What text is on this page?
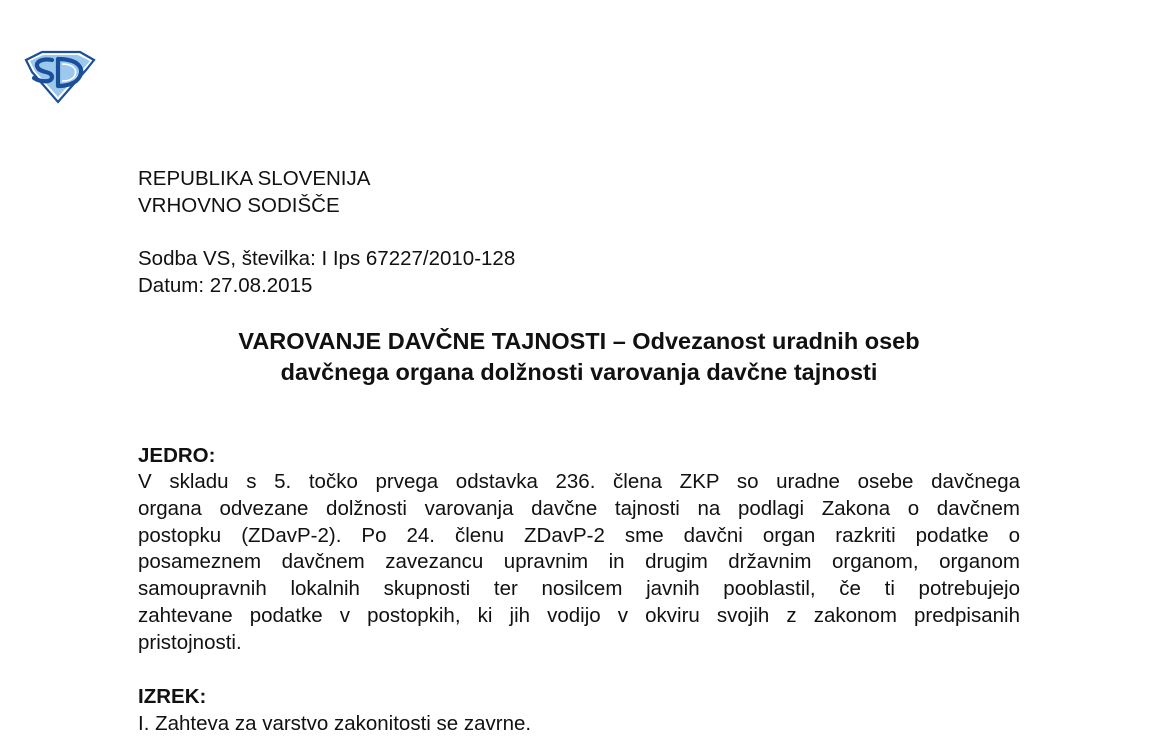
REPUBLIKA SLOVENIJA

VRHOVNO SODIŠČE

Sodba VS, številka: I Ips 67227/2010-128

Datum: 27.08.2015

VAROVANJE DAVČNE TAJNOSTI – Odvezanost uradnih oseb
davčnega organa dolžnosti varovanja davčne tajnosti
JEDRO:
V skladu s 5. točko prvega odstavka 236. člena ZKP so uradne osebe davčnega
organa odvezane dolžnosti varovanja davčne tajnosti na podlagi Zakona o davčnem
postopku (ZDavP-2). Po 24. členu ZDavP-2 sme davčni organ razkriti podatke o
posameznem davčnem zavezancu upravnim in drugim državnim organom, organom
samoupravnih lokalnih skupnosti ter nosilcem javnih pooblastil, če ti potrebujejo
zahtevane podatke v postopkih, ki jih vodijo v okviru svojih z zakonom predpisanih
pristojnosti.
IZREK:

I. Zahteva za varstvo zakonitosti se zavrne.
